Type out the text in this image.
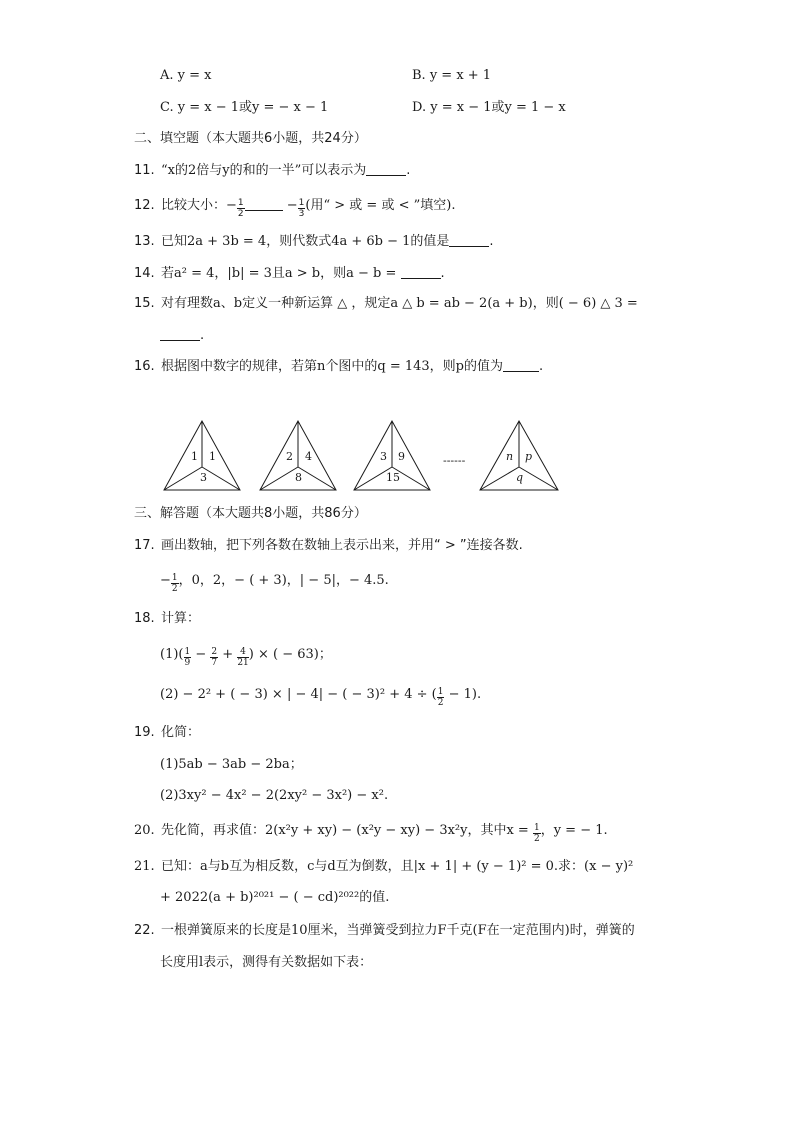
A. y = x	B. y = x + 1
C. y = x − 1或y = − x − 1	D. y = x − 1或y = 1 − x
二、填空题（本大题共6小题，共24分）
11. “x的2倍与y的和的一半”可以表示为	.
12. 比较大小：− $\frac{1}{2}$	− $\frac{1}{3}$ (用“ > 或 = 或 < ”填空).
13. 已知2a + 3b = 4，则代数式4a + 6b − 1的值是	.
14. 若a² = 4，|b| = 3且a > b，则a − b =	.
15. 对有理数a、b定义一种新运算 △ ，规定a △ b = ab − 2(a + b)，则( − 6) △ 3 =
.
16. 根据图中数字的规律，若第n个图中的q = 143，则p的值为	.
1 1
3
2 4
8
3 9
15
------	n p
q
三、解答题（本大题共8小题，共86分）
17. 画出数轴，把下列各数在数轴上表示出来，并用“ > ”连接各数.
− $\frac{1}{2}$ ，0，2，− ( + 3)，| − 5|，− 4.5.
18. 计算：
$(1)( \frac{1}{9} - \frac{2}{7} + \frac{4}{21}$ ) × ( − 63)；
(2) − 2² + ( − 3) × | − 4| − ( − 3)² + 4 ÷ ( $\frac{1}{2} - 1$).
19. 化简：
(1)5ab − 3ab − 2ba；
(2)3xy² − 4x² − 2(2xy² − 3x²) − x².
20. 先化简，再求值：2(x²y + xy) − (x²y − xy) − 3x²y，其中$x = \frac{1}{2}$ ，y = − 1.
21. 已知：a与b互为相反数，c与d互为倒数，且|x + 1| + (y − 1)² = 0.求：(x − y)²
+ 2022(a + b)²⁰²¹ − ( − cd)²⁰²²的值.
22. 一根弹簧原来的长度是10厘米，当弹簧受到拉力F千克(F在一定范围内)时，弹簧的
长度用l表示，测得有关数据如下表：
